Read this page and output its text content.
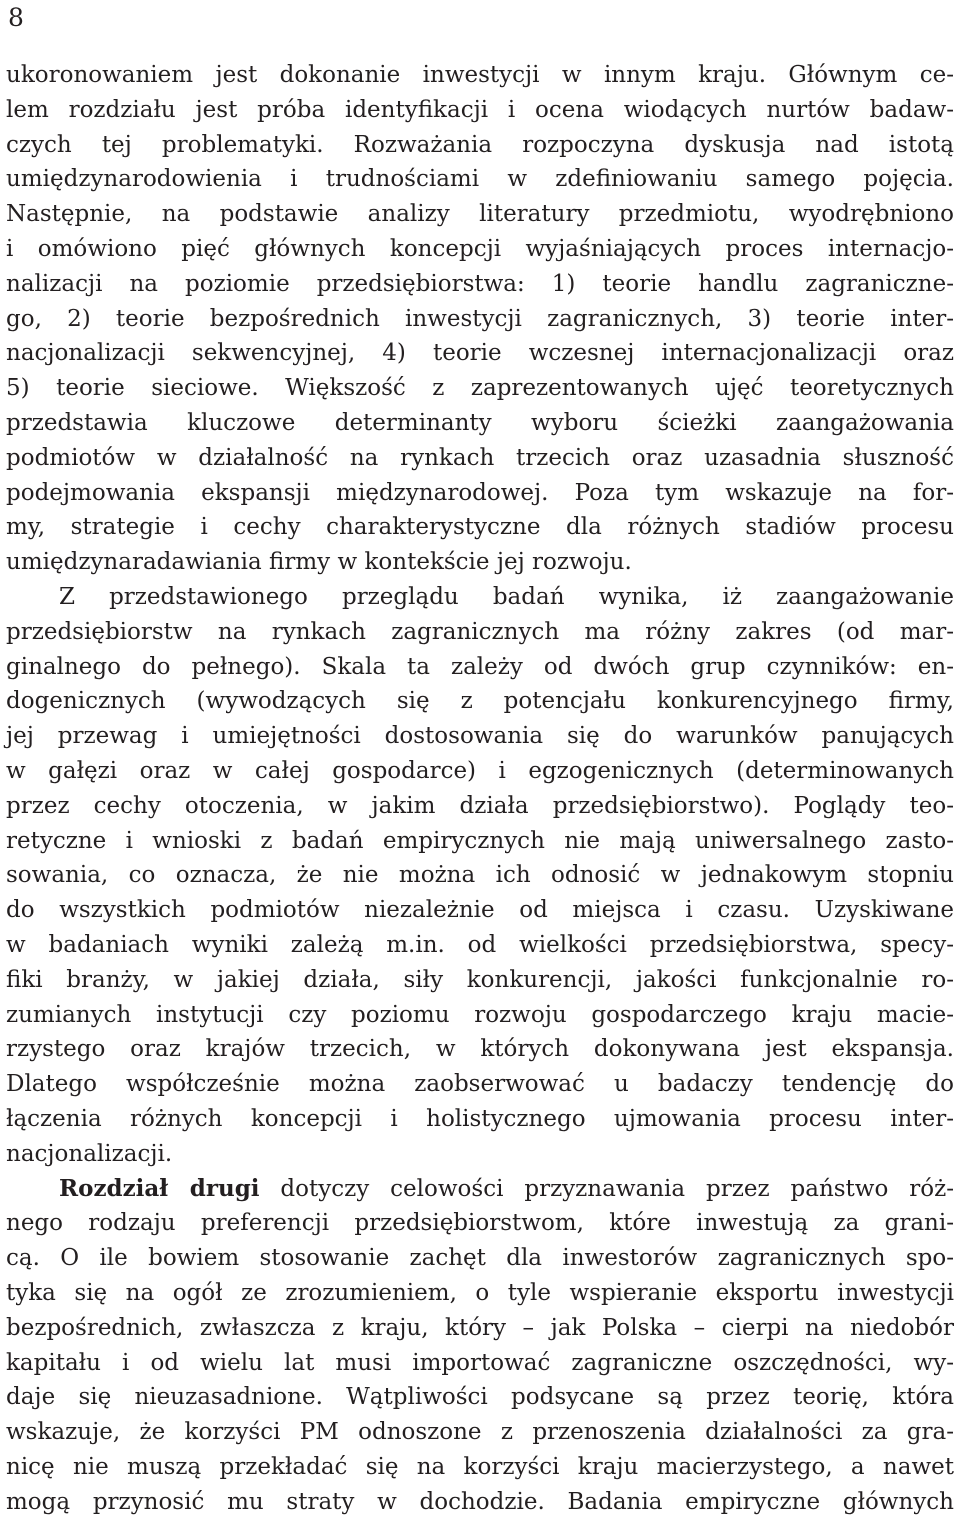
8
ukoronowaniem jest dokonanie inwestycji w innym kraju. Głównym ce-
lem rozdziału jest próba identyfikacji i ocena wiodących nurtów badaw-
czych tej problematyki. Rozważania rozpoczyna dyskusja nad istotą
umiędzynarodowienia i trudnościami w zdefiniowaniu samego pojęcia.
Następnie, na podstawie analizy literatury przedmiotu, wyodrębniono
i omówiono pięć głównych koncepcji wyjaśniających proces internacjo-
nalizacji na poziomie przedsiębiorstwa: 1) teorie handlu zagraniczne-
go, 2) teorie bezpośrednich inwestycji zagranicznych, 3) teorie inter-
nacjonalizacji sekwencyjnej, 4) teorie wczesnej internacjonalizacji oraz
5) teorie sieciowe. Większość z zaprezentowanych ujęć teoretycznych
przedstawia kluczowe determinanty wyboru ścieżki zaangażowania
podmiotów w działalność na rynkach trzecich oraz uzasadnia słuszność
podejmowania ekspansji międzynarodowej. Poza tym wskazuje na for-
my, strategie i cechy charakterystyczne dla różnych stadiów procesu
umiędzynaradawiania firmy w kontekście jej rozwoju.
Z przedstawionego przeglądu badań wynika, iż zaangażowanie
przedsiębiorstw na rynkach zagranicznych ma różny zakres (od mar-
ginalnego do pełnego). Skala ta zależy od dwóch grup czynników: en-
dogenicznych (wywodzących się z potencjału konkurencyjnego firmy,
jej przewag i umiejętności dostosowania się do warunków panujących
w gałęzi oraz w całej gospodarce) i egzogenicznych (determinowanych
przez cechy otoczenia, w jakim działa przedsiębiorstwo). Poglądy teo-
retyczne i wnioski z badań empirycznych nie mają uniwersalnego zasto-
sowania, co oznacza, że nie można ich odnosić w jednakowym stopniu
do wszystkich podmiotów niezależnie od miejsca i czasu. Uzyskiwane
w badaniach wyniki zależą m.in. od wielkości przedsiębiorstwa, specy-
fiki branży, w jakiej działa, siły konkurencji, jakości funkcjonalnie ro-
zumianych instytucji czy poziomu rozwoju gospodarczego kraju macie-
rzystego oraz krajów trzecich, w których dokonywana jest ekspansja.
Dlatego współcześnie można zaobserwować u badaczy tendencję do
łączenia różnych koncepcji i holistycznego ujmowania procesu inter-
nacjonalizacji.
Rozdział drugi dotyczy celowości przyznawania przez państwo róż-
nego rodzaju preferencji przedsiębiorstwom, które inwestują za grani-
cą. O ile bowiem stosowanie zachęt dla inwestorów zagranicznych spo-
tyka się na ogół ze zrozumieniem, o tyle wspieranie eksportu inwestycji
bezpośrednich, zwłaszcza z kraju, który – jak Polska – cierpi na niedobór
kapitału i od wielu lat musi importować zagraniczne oszczędności, wy-
daje się nieuzasadnione. Wątpliwości podsycane są przez teorię, która
wskazuje, że korzyści PM odnoszone z przenoszenia działalności za gra-
nicę nie muszą przekładać się na korzyści kraju macierzystego, a nawet
mogą przynosić mu straty w dochodzie. Badania empiryczne głównych
